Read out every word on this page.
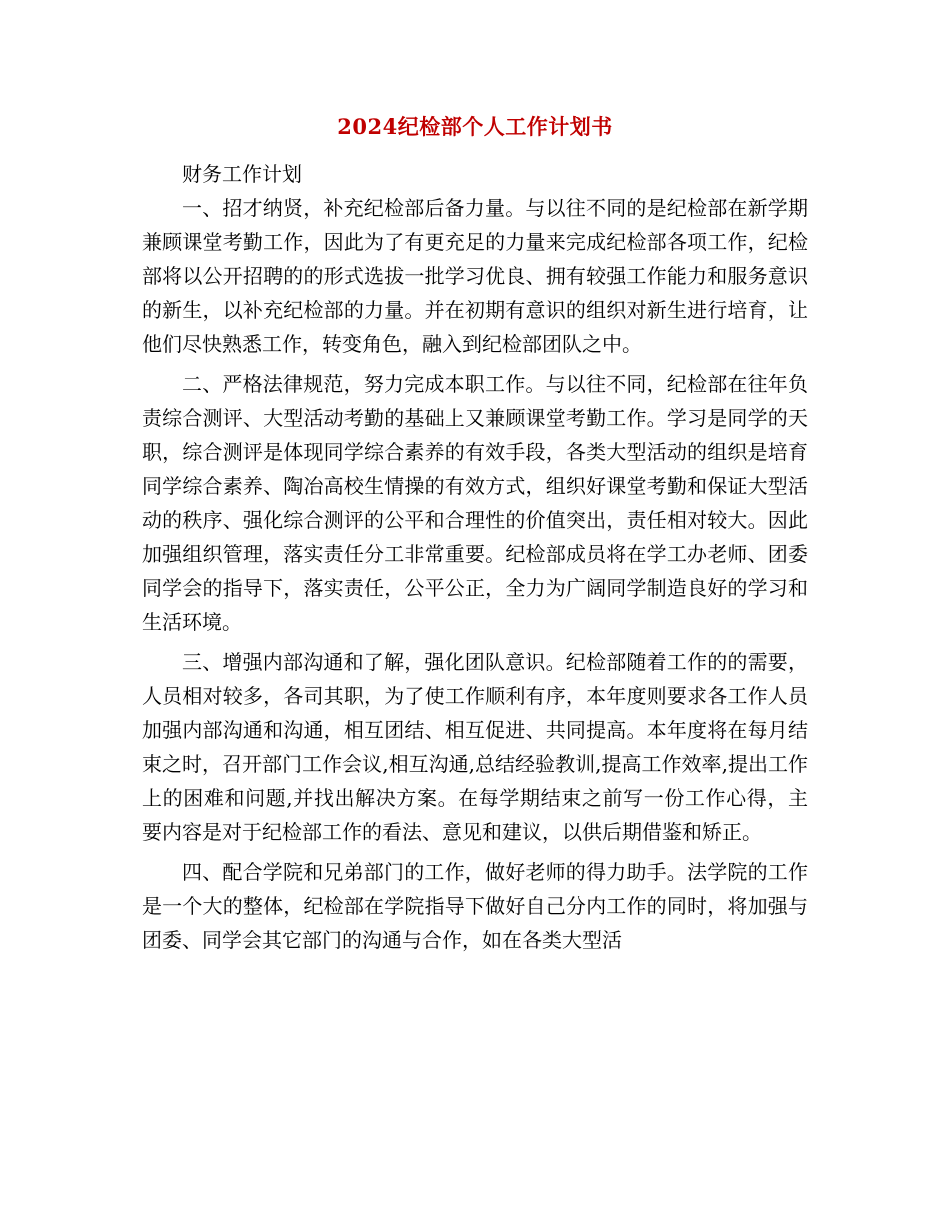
2024纪检部个人工作计划书

财务工作计划

一、招才纳贤，补充纪检部后备力量。与以往不同的是纪检部在新学期兼顾课堂考勤工作，因此为了有更充足的力量来完成纪检部各项工作，纪检部将以公开招聘的的形式选拔一批学习优良、拥有较强工作能力和服务意识的新生，以补充纪检部的力量。并在初期有意识的组织对新生进行培育，让他们尽快熟悉工作，转变角色，融入到纪检部团队之中。

二、严格法律规范，努力完成本职工作。与以往不同，纪检部在往年负责综合测评、大型活动考勤的基础上又兼顾课堂考勤工作。学习是同学的天职，综合测评是体现同学综合素养的有效手段，各类大型活动的组织是培育同学综合素养、陶冶高校生情操的有效方式，组织好课堂考勤和保证大型活动的秩序、强化综合测评的公平和合理性的价值突出，责任相对较大。因此加强组织管理，落实责任分工非常重要。纪检部成员将在学工办老师、团委同学会的指导下，落实责任，公平公正，全力为广阔同学制造良好的学习和生活环境。

三、增强内部沟通和了解，强化团队意识。纪检部随着工作的的需要，人员相对较多，各司其职，为了使工作顺利有序，本年度则要求各工作人员加强内部沟通和沟通，相互团结、相互促进、共同提高。本年度将在每月结束之时，召开部门工作会议,相互沟通,总结经验教训,提高工作效率,提出工作上的困难和问题,并找出解决方案。在每学期结束之前写一份工作心得，主要内容是对于纪检部工作的看法、意见和建议，以供后期借鉴和矫正。

四、配合学院和兄弟部门的工作，做好老师的得力助手。法学院的工作是一个大的整体，纪检部在学院指导下做好自己分内工作的同时，将加强与团委、同学会其它部门的沟通与合作，如在各类大型活
